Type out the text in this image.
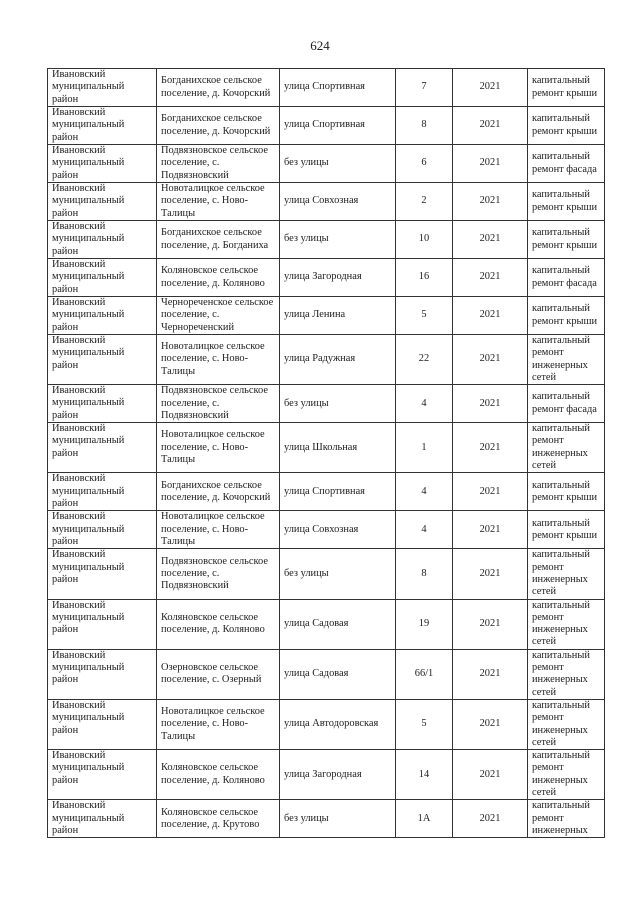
624
Ивановский муниципальный район	Богданихское сельское поселение, д. Кочорский	улица Спортивная	7	2021	капитальный ремонт крыши

Ивановский муниципальный район	Богданихское сельское поселение, д. Кочорский	улица Спортивная	8	2021	капитальный ремонт крыши

Ивановский муниципальный район	Подвязновское сельское поселение, с. Подвязновский	без улицы	6	2021	капитальный ремонт фасада

Ивановский муниципальный район	Новоталицкое сельское поселение, с. Ново-Талицы	улица Совхозная	2	2021	капитальный ремонт крыши

Ивановский муниципальный район	Богданихское сельское поселение, д. Богданиха	без улицы	10	2021	капитальный ремонт крыши

Ивановский муниципальный район	Коляновское сельское поселение, д. Коляново	улица Загородная	16	2021	капитальный ремонт фасада

Ивановский муниципальный район	Чернореченское сельское поселение, с. Чернореченский	улица Ленина	5	2021	капитальный ремонт крыши

Ивановский муниципальный район	Новоталицкое сельское поселение, с. Ново-Талицы	улица Радужная	22	2021	капитальный ремонт инженерных сетей

Ивановский муниципальный район	Подвязновское сельское поселение, с. Подвязновский	без улицы	4	2021	капитальный ремонт фасада

Ивановский муниципальный район	Новоталицкое сельское поселение, с. Ново-Талицы	улица Школьная	1	2021	капитальный ремонт инженерных сетей

Ивановский муниципальный район	Богданихское сельское поселение, д. Кочорский	улица Спортивная	4	2021	капитальный ремонт крыши

Ивановский муниципальный район	Новоталицкое сельское поселение, с. Ново-Талицы	улица Совхозная	4	2021	капитальный ремонт крыши

Ивановский муниципальный район	Подвязновское сельское поселение, с. Подвязновский	без улицы	8	2021	капитальный ремонт инженерных сетей

Ивановский муниципальный район	Коляновское сельское поселение, д. Коляново	улица Садовая	19	2021	капитальный ремонт инженерных сетей

Ивановский муниципальный район	Озерновское сельское поселение, с. Озерный	улица Садовая	66/1	2021	капитальный ремонт инженерных сетей

Ивановский муниципальный район	Новоталицкое сельское поселение, с. Ново-Талицы	улица Автодоровская	5	2021	капитальный ремонт инженерных сетей

Ивановский муниципальный район	Коляновское сельское поселение, д. Коляново	улица Загородная	14	2021	капитальный ремонт инженерных сетей

Ивановский муниципальный район	Коляновское сельское поселение, д. Крутово	без улицы	1А	2021	капитальный ремонт инженерных
